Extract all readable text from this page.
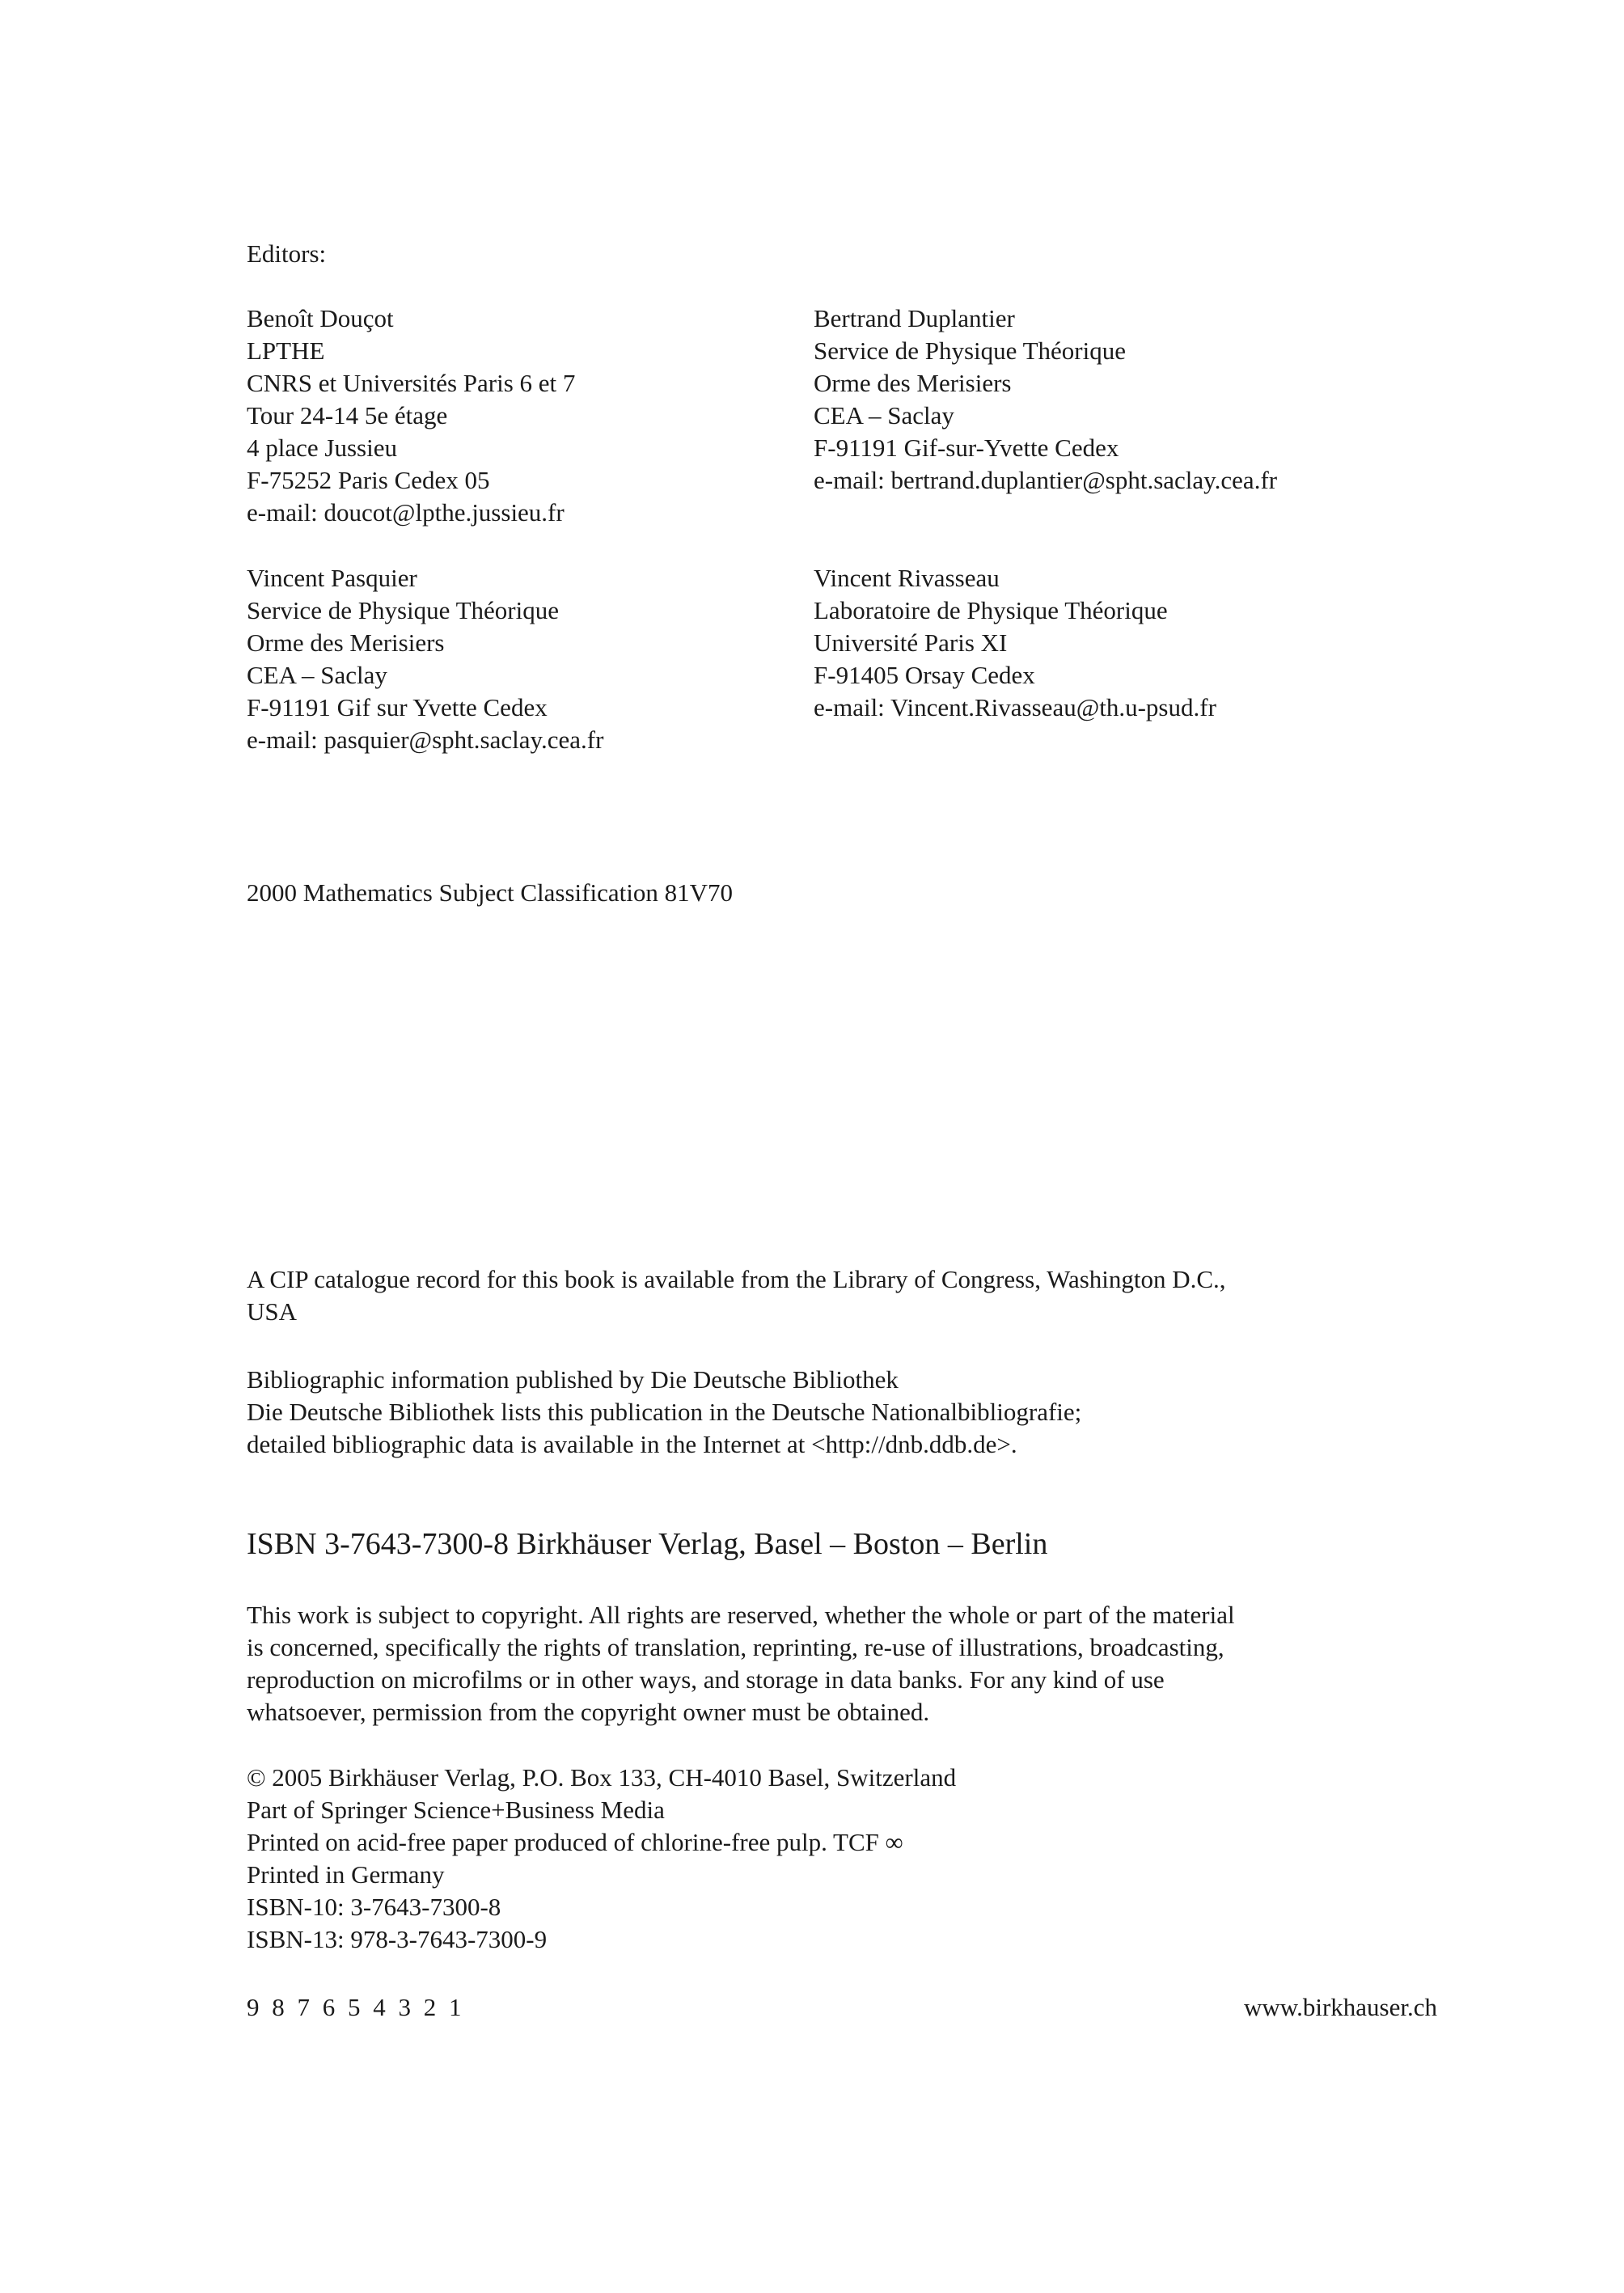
Editors:
Benoît Douçot
LPTHE
CNRS et Universités Paris 6 et 7
Tour 24-14 5e étage
4 place Jussieu
F-75252 Paris Cedex 05
e-mail: doucot@lpthe.jussieu.fr
Bertrand Duplantier
Service de Physique Théorique
Orme des Merisiers
CEA – Saclay
F-91191 Gif-sur-Yvette Cedex
e-mail: bertrand.duplantier@spht.saclay.cea.fr
Vincent Pasquier
Service de Physique Théorique
Orme des Merisiers
CEA – Saclay
F-91191 Gif sur Yvette Cedex
e-mail: pasquier@spht.saclay.cea.fr
Vincent Rivasseau
Laboratoire de Physique Théorique
Université Paris XI
F-91405 Orsay Cedex
e-mail: Vincent.Rivasseau@th.u-psud.fr
2000 Mathematics Subject Classification 81V70
A CIP catalogue record for this book is available from the Library of Congress, Washington D.C.,
USA
Bibliographic information published by Die Deutsche Bibliothek
Die Deutsche Bibliothek lists this publication in the Deutsche Nationalbibliografie;
detailed bibliographic data is available in the Internet at <http://dnb.ddb.de>.
ISBN 3-7643-7300-8 Birkhäuser Verlag, Basel – Boston – Berlin
This work is subject to copyright. All rights are reserved, whether the whole or part of the material
is concerned, specifically the rights of translation, reprinting, re-use of illustrations, broadcasting,
reproduction on microfilms or in other ways, and storage in data banks. For any kind of use
whatsoever, permission from the copyright owner must be obtained.
© 2005 Birkhäuser Verlag, P.O. Box 133, CH-4010 Basel, Switzerland
Part of Springer Science+Business Media
Printed on acid-free paper produced of chlorine-free pulp. TCF ∞
Printed in Germany
ISBN-10: 3-7643-7300-8
ISBN-13: 978-3-7643-7300-9
9 8 7 6 5 4 3 2 1	www.birkhauser.ch
